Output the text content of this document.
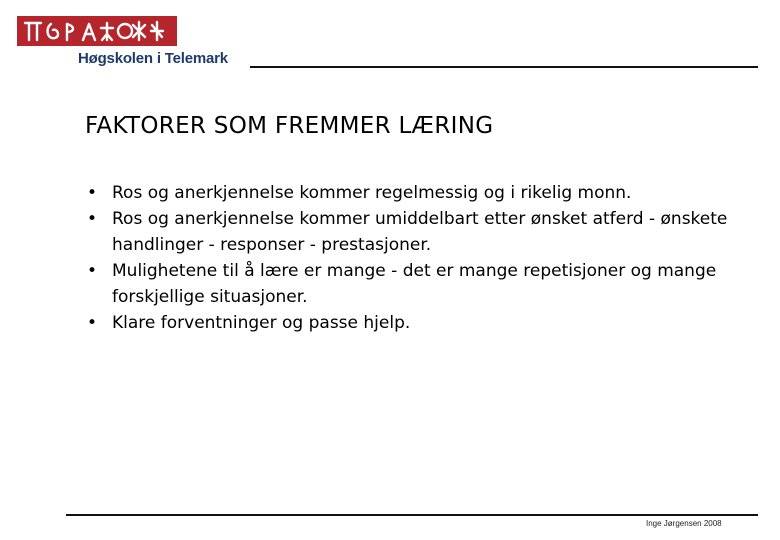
Høgskolen i Telemark
FAKTORER SOM FREMMER LÆRING
• Ros og anerkjennelse kommer regelmessig og i rikelig monn.
• Ros og anerkjennelse kommer umiddelbart etter ønsket atferd - ønskete handlinger - responser - prestasjoner.
• Mulighetene til å lære er mange - det er mange repetisjoner og mange forskjellige situasjoner.
• Klare forventninger og passe hjelp.
Inge Jørgensen 2008
